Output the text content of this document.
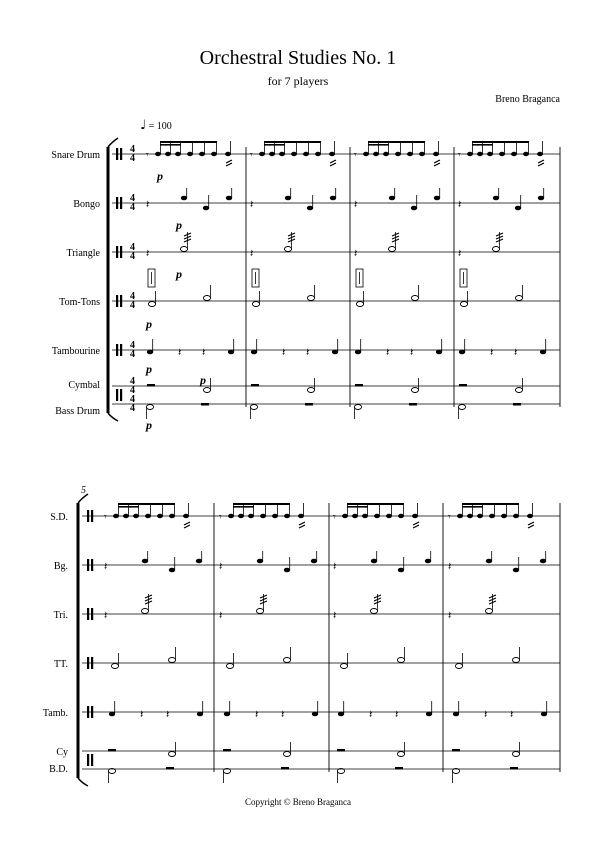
Orchestral Studies No. 1
for 7 players
Breno Braganca
♩ = 100
Snare Drum
Bongo
Triangle
Tom-Tons
Tambourine
Cymbal
Bass Drum
4
4
4
4
4
4
4
4
4
4
4
4
4
4
𝄾
𝄽
𝄽
𝄽 𝄽
p
p
p
p
p
p
p
5
S.D.
Bg.
Tri.
TT.
Tamb.
Cy
B.D.
𝄾
𝄽
𝄽
𝄽 𝄽
Copyright © Breno Braganca
